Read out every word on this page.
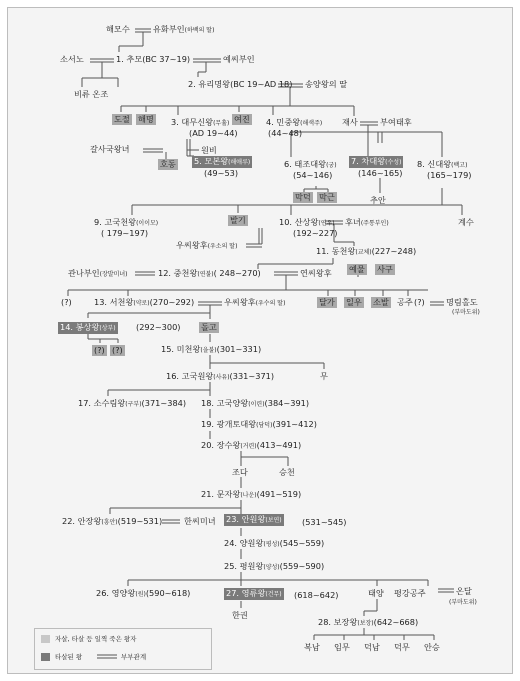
해모수	유화부인(하백의 딸)
소서노	1. 추모(BC 37~19)	예씨부인
비류 온조
2. 유리명왕(BC 19~AD 18) 송양왕의 딸
도절 해명 3. 대무신왕(무휼)
(AD 19~44)
여진 4. 민중왕(해색주)
(44~48)
재사	부여태후
갈사국왕녀	원비
호동 5. 모본왕(해애루)
(49~53)
6. 태조대왕(궁)
(54~146)
7. 차대왕(수성)
(146~165)
8. 신대왕(백고)
(165~179)
막덕 막근	추안
9. 고국천왕(이이모)
( 179~197)
발기	10. 산상왕(연우)
(192~227)
후녀(주통부인)	계수
우씨왕후(우소의 딸)	11. 동천왕(교체)(227~248)
관나부인(장발미녀)	12. 중천왕(연불)( 248~270)	연씨왕후 예물 사구
(?)	13. 서천왕(약로)(270~292)	우씨왕후(우수의 딸)	달가 일우 소발 공주 (?)	명림홀도
(부마도위)
14. 봉상왕(상부) (292~300) 돌고
(?) (?)	15. 미천왕(을불)(301~331)
16. 고국원왕(사유)(331~371)	무
17. 소수림왕(구부)(371~384) 18. 고국양왕(이련)(384~391)
19. 광개토대왕(담덕)(391~412)
20. 장수왕(거련)(413~491)
조다	승천
21. 문자왕(나운)(491~519)
22. 안장왕(흥안)(519~531)	한씨미녀 23. 안원왕(보연) (531~545)
24. 양원왕(평성)(545~559)
25. 평원왕(양성)(559~590)
26. 영양왕(원)(590~618)	27. 영류왕(건무) (618~642)	태양 평강공주	온달
(부마도위)
한권
28. 보장왕(보장)(642~668)
복남 임무 덕남 덕무 안승
자살, 타살 등 일찍 죽은 왕자
타살된 왕	부부관계
